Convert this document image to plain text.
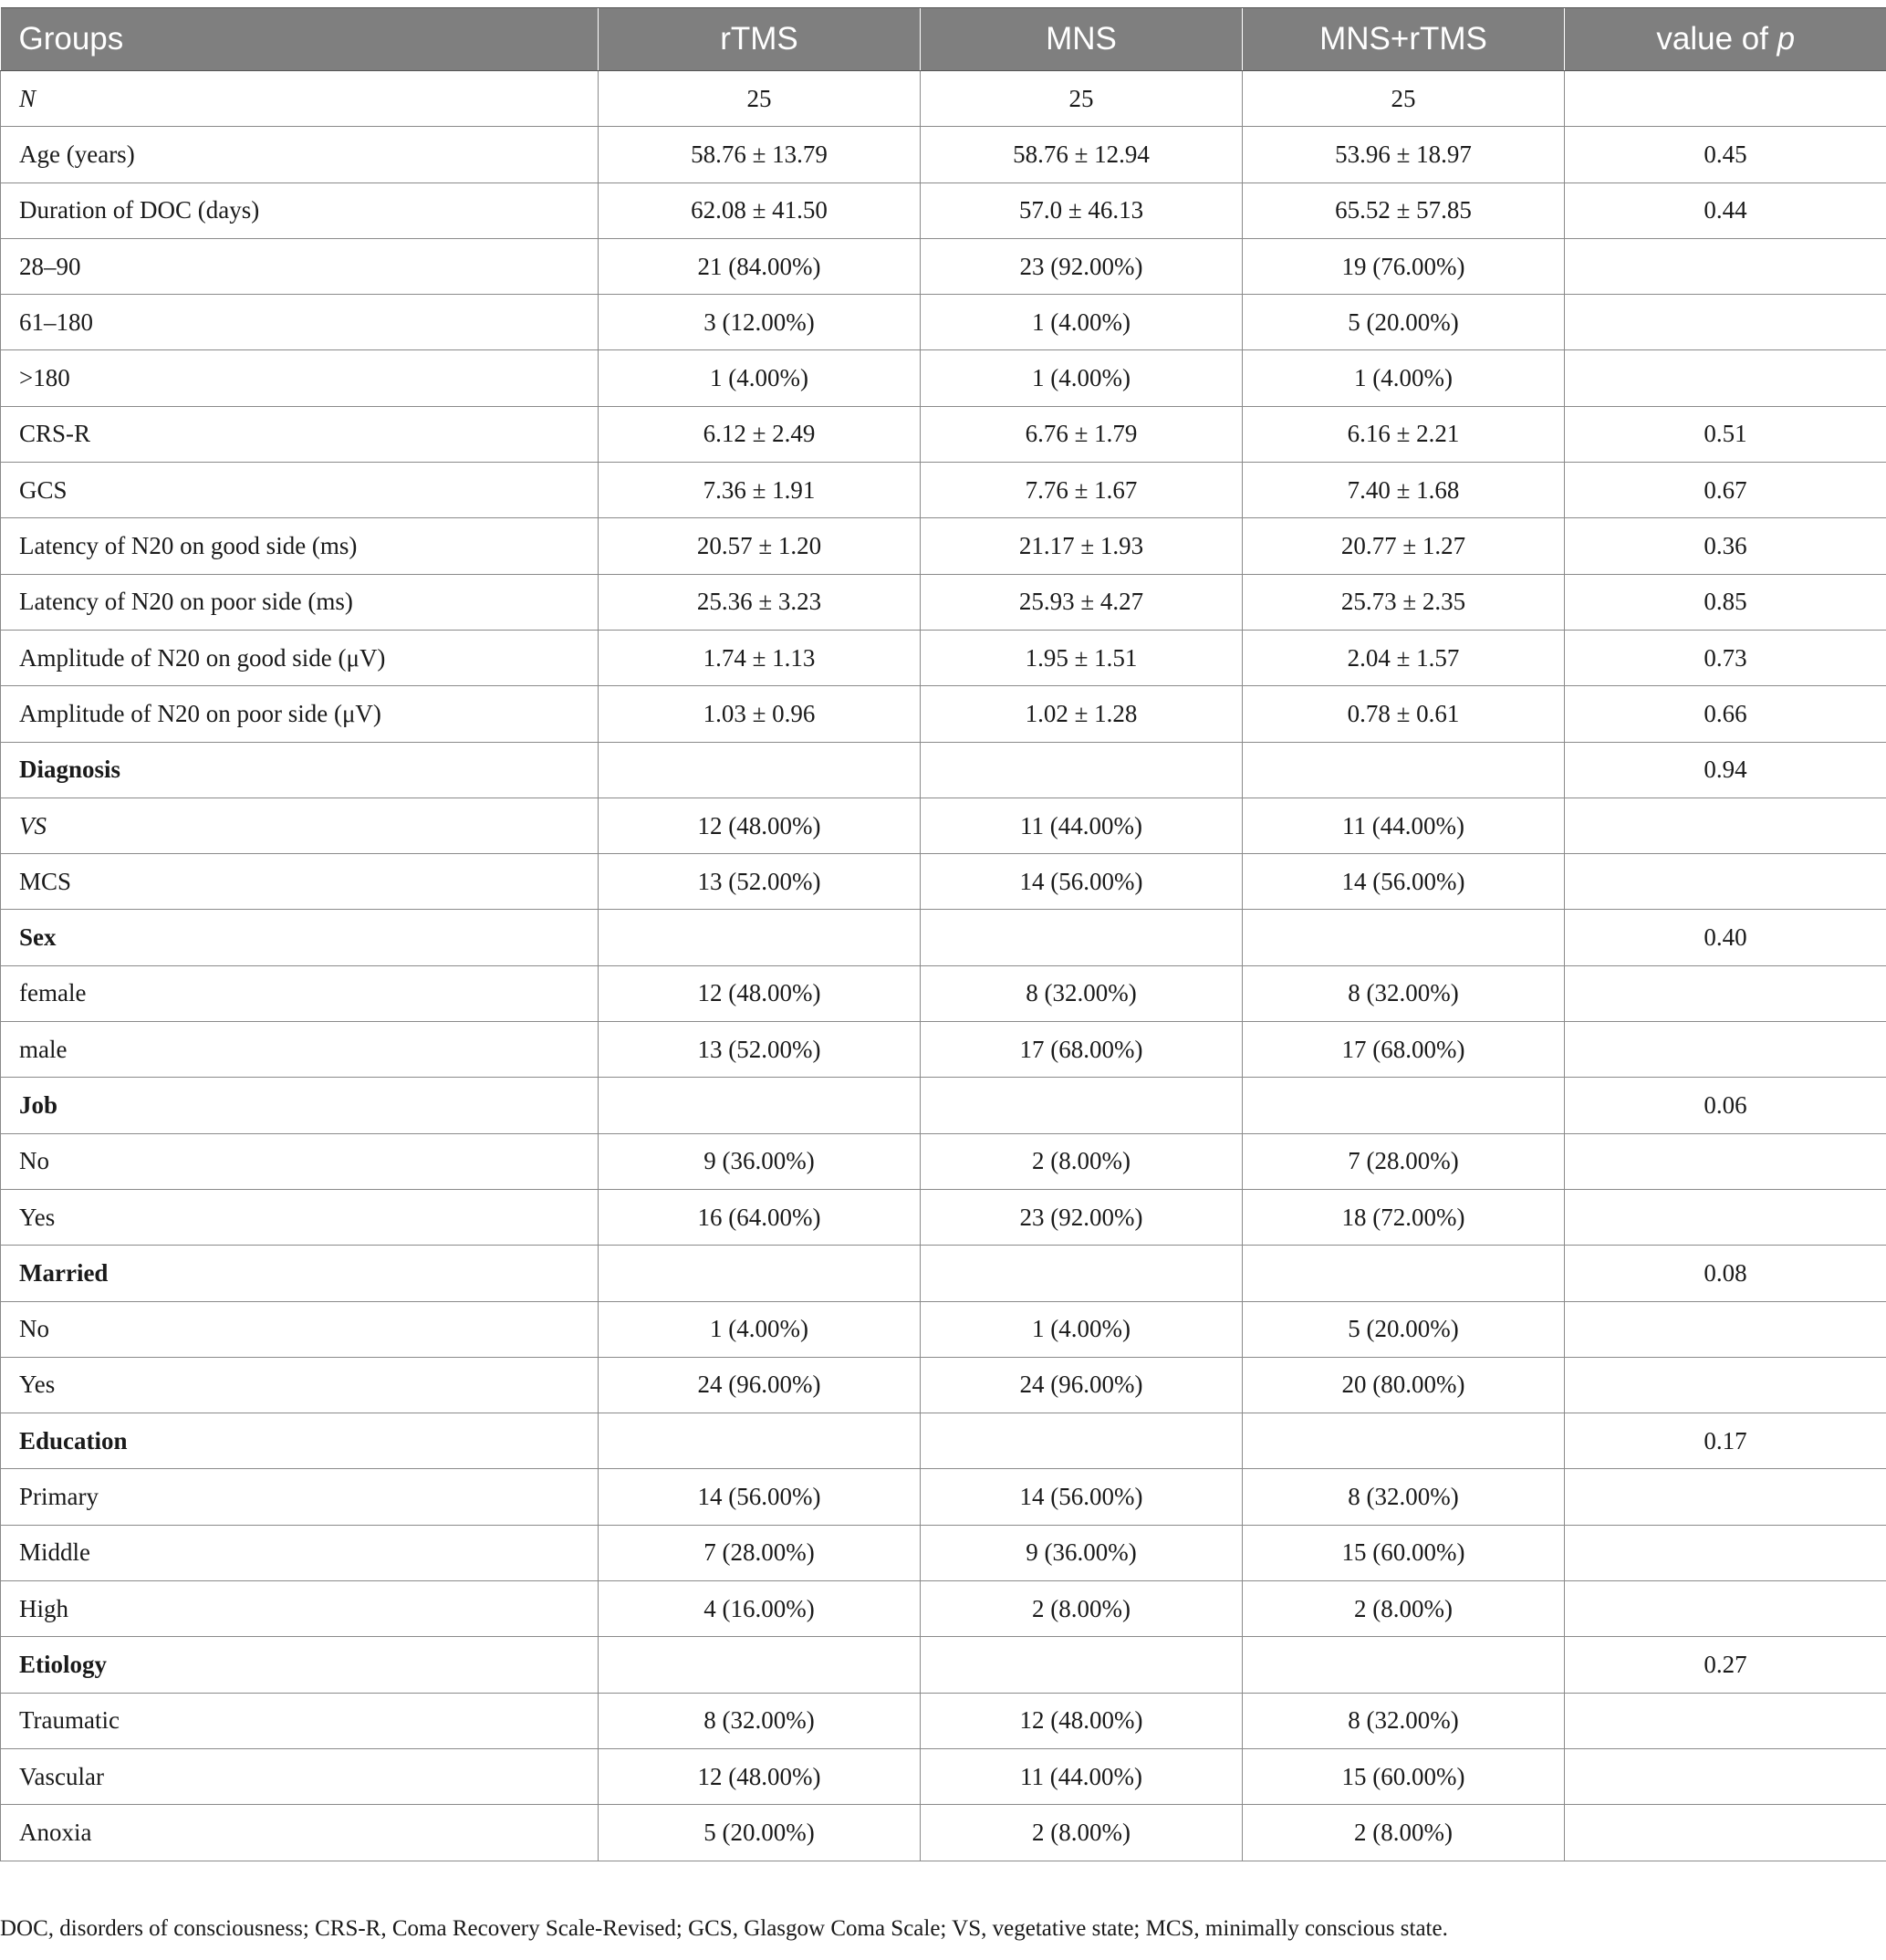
Groups	rTMS	MNS	MNS+rTMS	value of p
N	25	25	25	
Age (years)	58.76 ± 13.79	58.76 ± 12.94	53.96 ± 18.97	0.45
Duration of DOC (days)	62.08 ± 41.50	57.0 ± 46.13	65.52 ± 57.85	0.44
28–90	21 (84.00%)	23 (92.00%)	19 (76.00%)	
61–180	3 (12.00%)	1 (4.00%)	5 (20.00%)	
>180	1 (4.00%)	1 (4.00%)	1 (4.00%)	
CRS-R	6.12 ± 2.49	6.76 ± 1.79	6.16 ± 2.21	0.51
GCS	7.36 ± 1.91	7.76 ± 1.67	7.40 ± 1.68	0.67
Latency of N20 on good side (ms)	20.57 ± 1.20	21.17 ± 1.93	20.77 ± 1.27	0.36
Latency of N20 on poor side (ms)	25.36 ± 3.23	25.93 ± 4.27	25.73 ± 2.35	0.85
Amplitude of N20 on good side (μV)	1.74 ± 1.13	1.95 ± 1.51	2.04 ± 1.57	0.73
Amplitude of N20 on poor side (μV)	1.03 ± 0.96	1.02 ± 1.28	0.78 ± 0.61	0.66
Diagnosis				0.94
VS	12 (48.00%)	11 (44.00%)	11 (44.00%)	
MCS	13 (52.00%)	14 (56.00%)	14 (56.00%)	
Sex				0.40
female	12 (48.00%)	8 (32.00%)	8 (32.00%)	
male	13 (52.00%)	17 (68.00%)	17 (68.00%)	
Job				0.06
No	9 (36.00%)	2 (8.00%)	7 (28.00%)	
Yes	16 (64.00%)	23 (92.00%)	18 (72.00%)	
Married				0.08
No	1 (4.00%)	1 (4.00%)	5 (20.00%)	
Yes	24 (96.00%)	24 (96.00%)	20 (80.00%)	
Education				0.17
Primary	14 (56.00%)	14 (56.00%)	8 (32.00%)	
Middle	7 (28.00%)	9 (36.00%)	15 (60.00%)	
High	4 (16.00%)	2 (8.00%)	2 (8.00%)	
Etiology				0.27
Traumatic	8 (32.00%)	12 (48.00%)	8 (32.00%)	
Vascular	12 (48.00%)	11 (44.00%)	15 (60.00%)	
Anoxia	5 (20.00%)	2 (8.00%)	2 (8.00%)	
DOC, disorders of consciousness; CRS-R, Coma Recovery Scale-Revised; GCS, Glasgow Coma Scale; VS, vegetative state; MCS, minimally conscious state.
